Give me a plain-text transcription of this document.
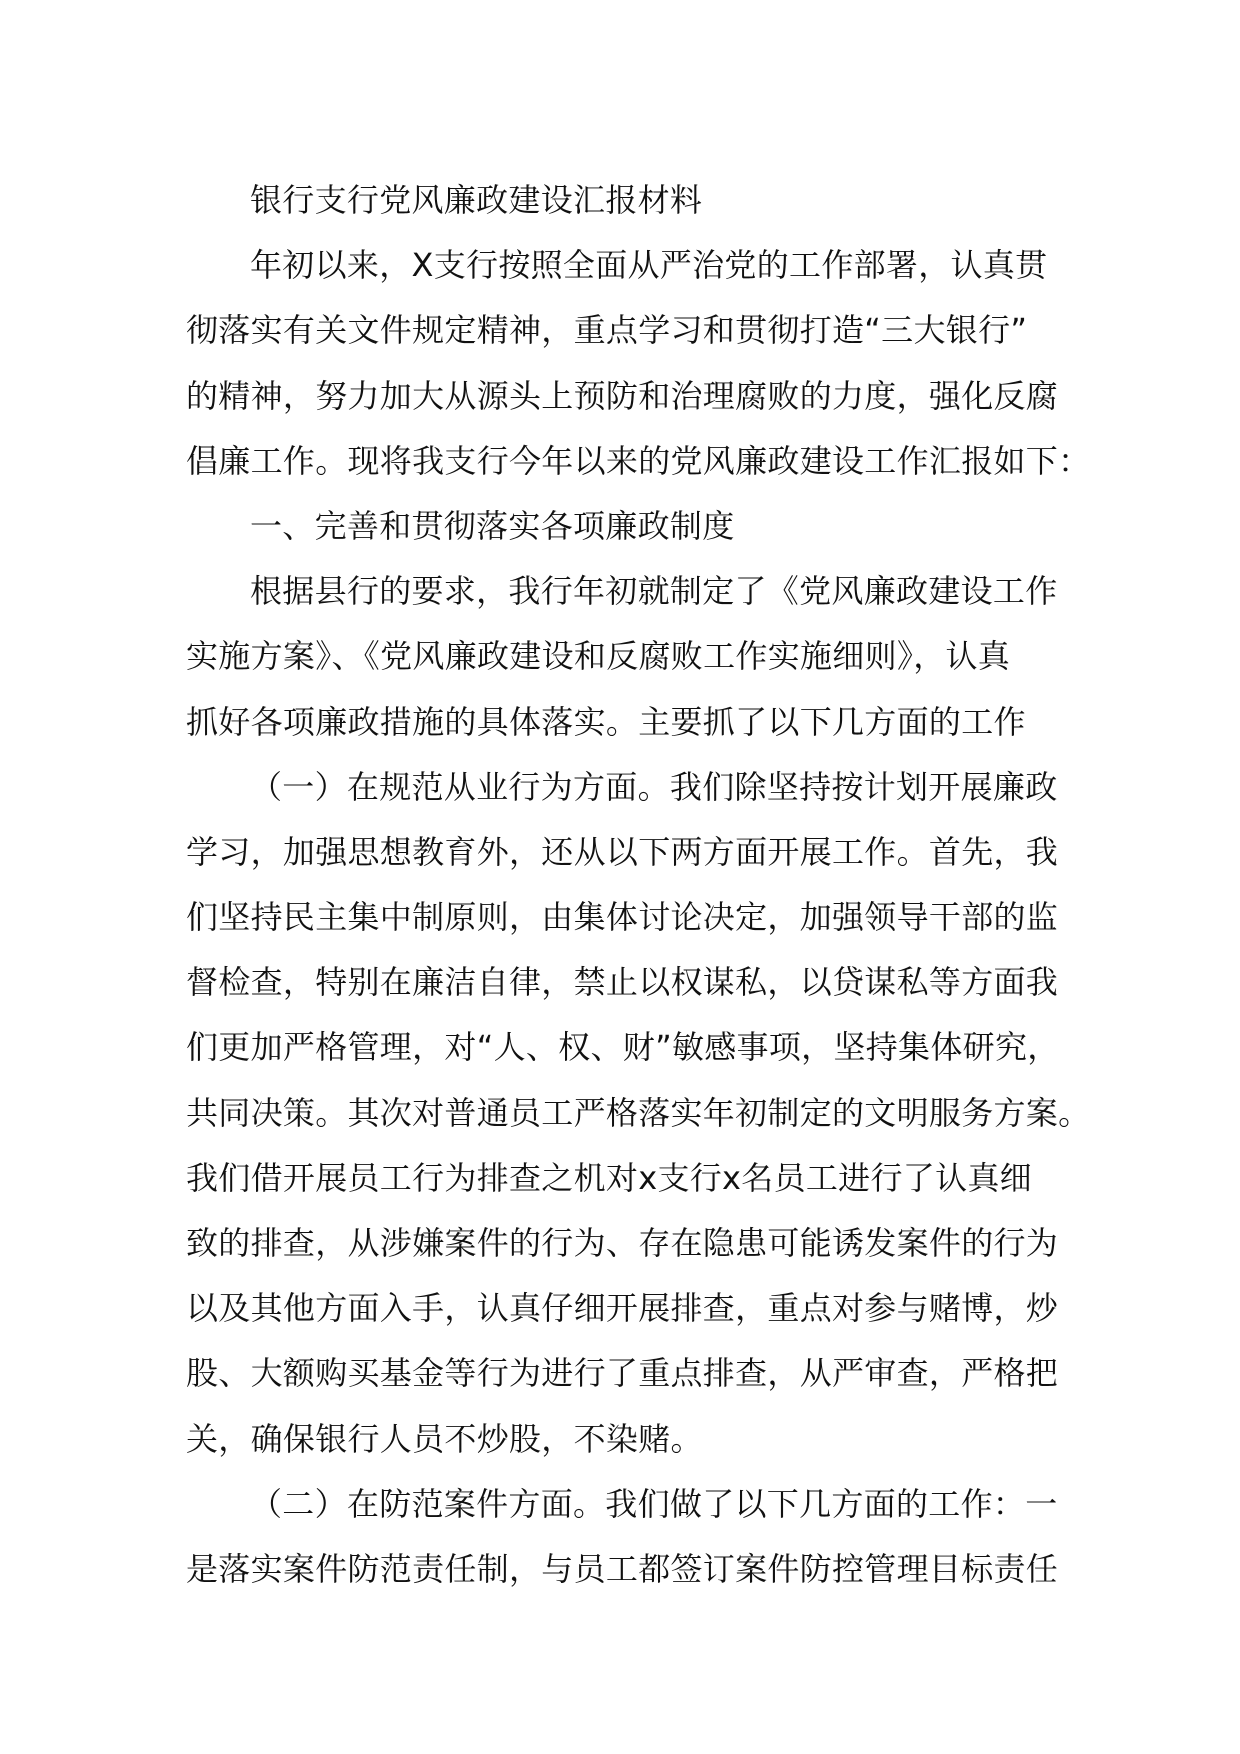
银行支行党风廉政建设汇报材料
年初以来，X支行按照全面从严治党的工作部署，认真贯
彻落实有关文件规定精神，重点学习和贯彻打造“三大银行”
的精神，努力加大从源头上预防和治理腐败的力度，强化反腐
倡廉工作。现将我支行今年以来的党风廉政建设工作汇报如下：
一、完善和贯彻落实各项廉政制度
根据县行的要求，我行年初就制定了《党风廉政建设工作
实施方案》、《党风廉政建设和反腐败工作实施细则》，认真
抓好各项廉政措施的具体落实。主要抓了以下几方面的工作
（一）在规范从业行为方面。我们除坚持按计划开展廉政
学习，加强思想教育外，还从以下两方面开展工作。首先，我
们坚持民主集中制原则，由集体讨论决定，加强领导干部的监
督检查，特别在廉洁自律，禁止以权谋私，以贷谋私等方面我
们更加严格管理，对“人、权、财”敏感事项，坚持集体研究，
共同决策。其次对普通员工严格落实年初制定的文明服务方案。
我们借开展员工行为排查之机对x支行x名员工进行了认真细
致的排查，从涉嫌案件的行为、存在隐患可能诱发案件的行为
以及其他方面入手，认真仔细开展排查，重点对参与赌博，炒
股、大额购买基金等行为进行了重点排查，从严审查，严格把
关，确保银行人员不炒股，不染赌。
（二）在防范案件方面。我们做了以下几方面的工作：一
是落实案件防范责任制，与员工都签订案件防控管理目标责任
